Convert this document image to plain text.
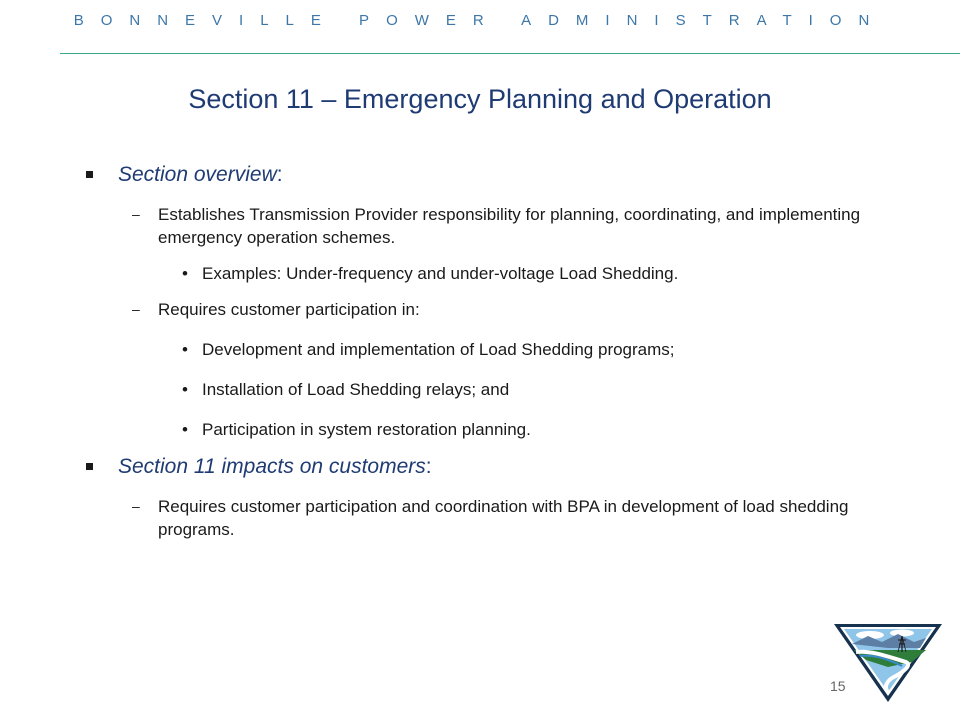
BONNEVILLE POWER ADMINISTRATION
Section 11 – Emergency Planning and Operation
Section overview:
– Establishes Transmission Provider responsibility for planning, coordinating, and implementing emergency operation schemes.
• Examples: Under-frequency and under-voltage Load Shedding.
– Requires customer participation in:
• Development and implementation of Load Shedding programs;
• Installation of Load Shedding relays; and
• Participation in system restoration planning.
Section 11 impacts on customers:
– Requires customer participation and coordination with BPA in development of load shedding programs.
15
